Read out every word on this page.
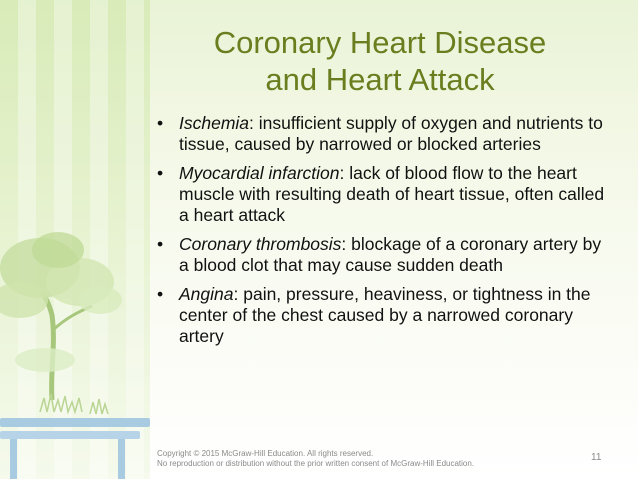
Coronary Heart Disease
and Heart Attack
• Ischemia: insufficient supply of oxygen and nutrients to tissue, caused by narrowed or blocked arteries
• Myocardial infarction: lack of blood flow to the heart muscle with resulting death of heart tissue, often called a heart attack
• Coronary thrombosis: blockage of a coronary artery by a blood clot that may cause sudden death
• Angina: pain, pressure, heaviness, or tightness in the center of the chest caused by a narrowed coronary artery
Copyright © 2015 McGraw-Hill Education. All rights reserved.
No reproduction or distribution without the prior written consent of McGraw-Hill Education.
11
